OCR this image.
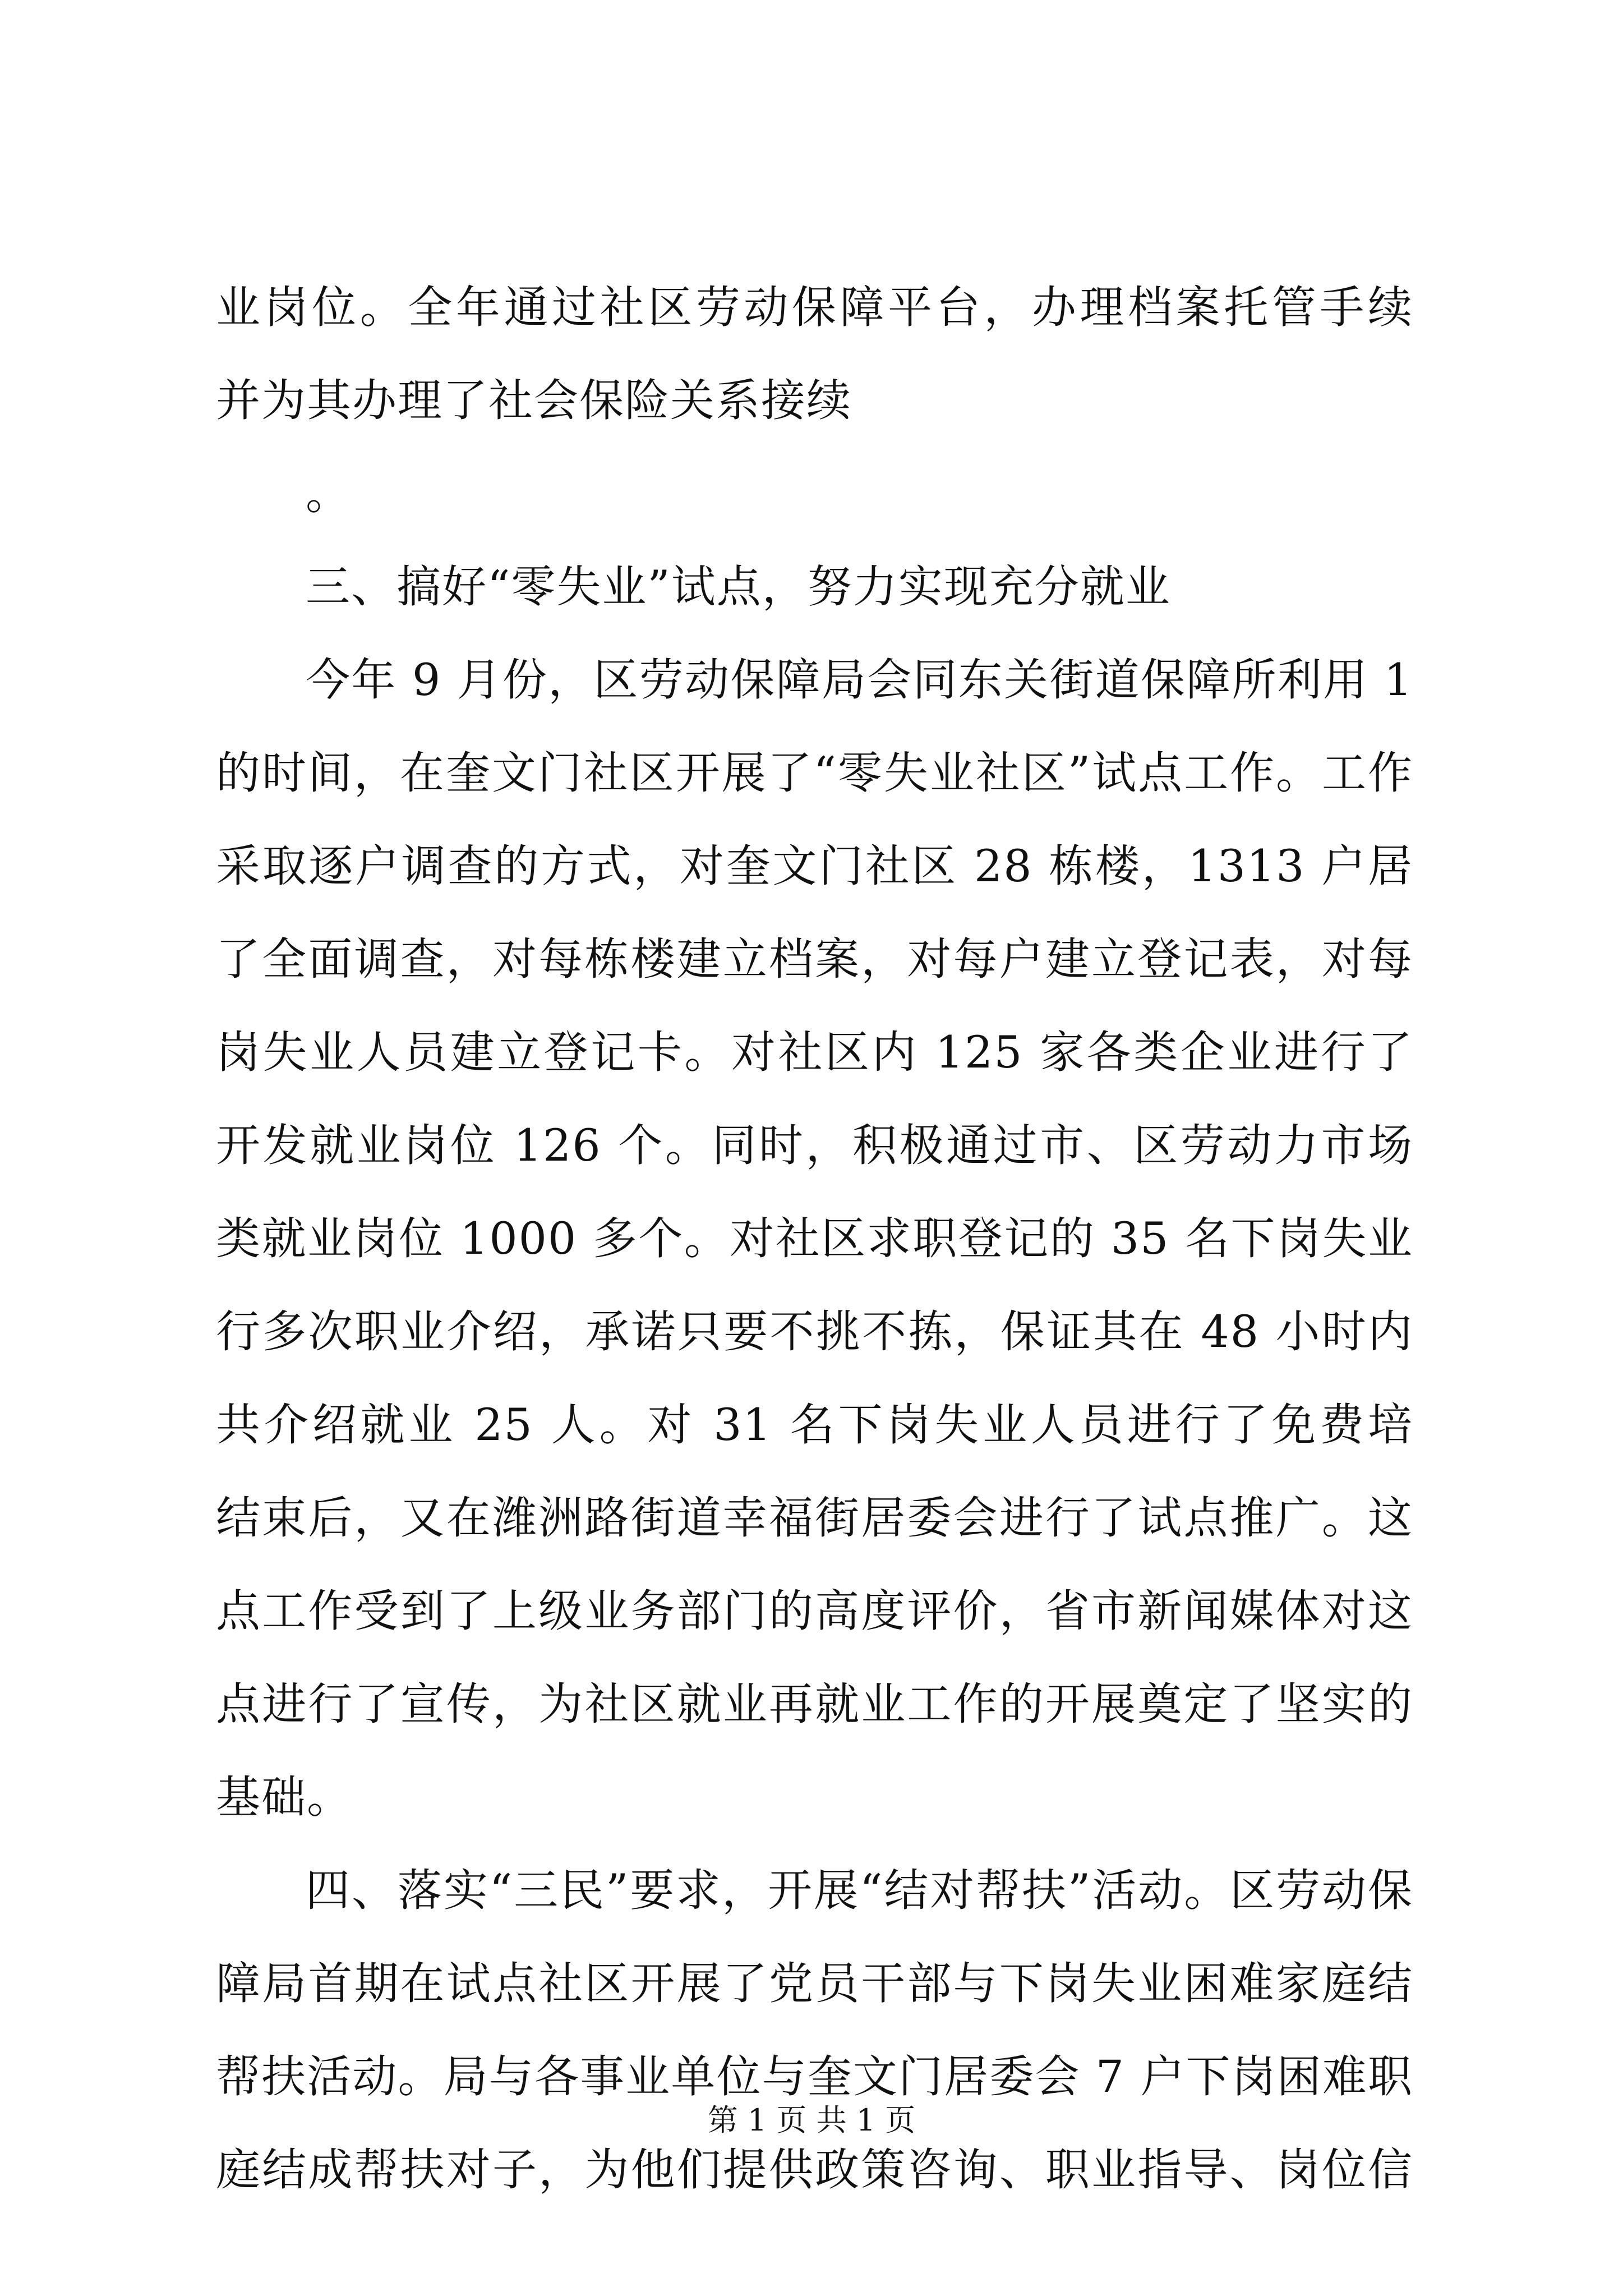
业岗位。全年通过社区劳动保障平台，办理档案托管手续
并为其办理了社会保险关系接续
。
三、搞好“零失业”试点，努力实现充分就业
今年 9 月份，区劳动保障局会同东关街道保障所利用 1
的时间，在奎文门社区开展了“零失业社区”试点工作。工作
采取逐户调查的方式，对奎文门社区 28 栋楼，1313 户居
了全面调查，对每栋楼建立档案，对每户建立登记表，对每
岗失业人员建立登记卡。对社区内 125 家各类企业进行了
开发就业岗位 126 个。同时，积极通过市、区劳动力市场
类就业岗位 1000 多个。对社区求职登记的 35 名下岗失业
行多次职业介绍，承诺只要不挑不拣，保证其在 48 小时内
共介绍就业 25 人。对 31 名下岗失业人员进行了免费培
结束后，又在潍洲路街道幸福街居委会进行了试点推广。这
点工作受到了上级业务部门的高度评价，省市新闻媒体对这
点进行了宣传，为社区就业再就业工作的开展奠定了坚实的
基础。
四、落实“三民”要求，开展“结对帮扶”活动。区劳动保
障局首期在试点社区开展了党员干部与下岗失业困难家庭结
帮扶活动。局与各事业单位与奎文门居委会 7 户下岗困难职
庭结成帮扶对子，为他们提供政策咨询、职业指导、岗位信
第 1 页 共 1 页
